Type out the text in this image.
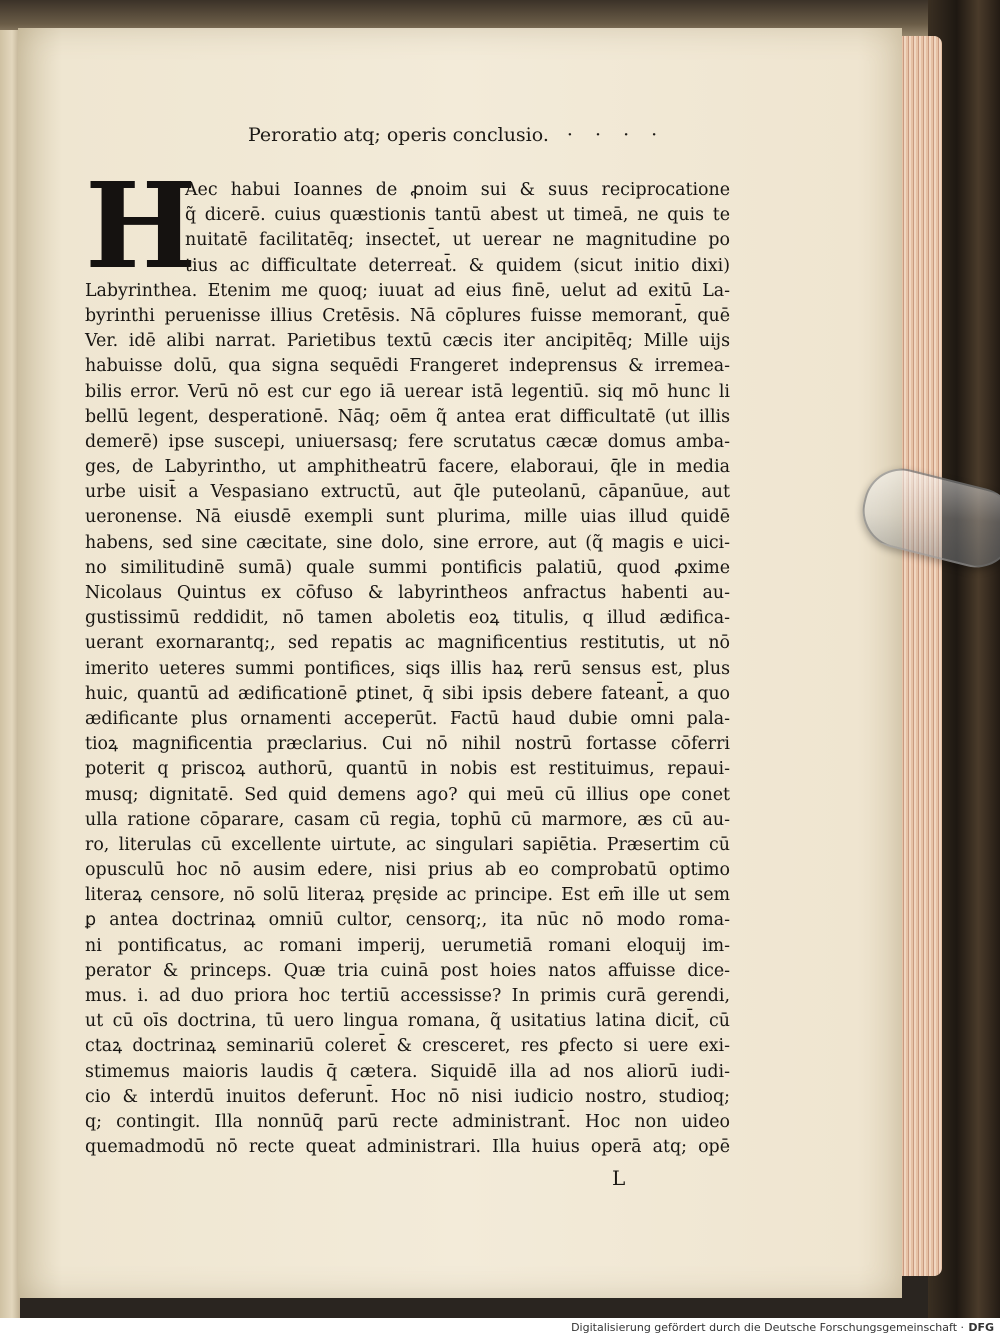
Peroratio atq; operis conclusio. · · · ·
H
Aec habui Ioannes de ꝓnoim sui & suus reciprocatione
q̃ dicerē. cuius quæstionis tantū abest ut timeā, ne quis te
nuitatē facilitatēq; insectet̄, ut uerear ne magnitudine po
tius ac difficultate deterreat̄. & quidem (sicut initio dixi)
Labyrinthea. Etenim me quoq; iuuat ad eius finē, uelut ad exitū La-
byrinthi peruenisse illius Cretēsis. Nā cōplures fuisse memorant̄, quē
Ver. idē alibi narrat. Parietibus textū cæcis iter ancipitēq; Mille uijs
habuisse dolū, qua signa sequēdi Frangeret indeprensus & irremea-
bilis error. Verū nō est cur ego iā uerear istā legentiū. siq mō hunc li
bellū legent, desperationē. Nāq; oēm q̃ antea erat difficultatē (ut illis
demerē) ipse suscepi, uniuersasq; fere scrutatus cæcæ domus amba-
ges, de Labyrintho, ut amphitheatrū facere, elaboraui, q̄le in media
urbe uisit̄ a Vespasiano extructū, aut q̄le puteolanū, cāpanūue, aut
ueronense. Nā eiusdē exempli sunt plurima, mille uias illud quidē
habens, sed sine cæcitate, sine dolo, sine errore, aut (q̃ magis e uici-
no similitudinē sumā) quale summi pontificis palatiū, quod ꝓxime
Nicolaus Quintus ex cōfuso & labyrintheos anfractus habenti au-
gustissimū reddidit, nō tamen aboletis eoꝝ titulis, q illud ædifica-
uerant exornarantq;, sed repatis ac magnificentius restitutis, ut nō
imerito ueteres summi pontifices, siqs illis haꝝ rerū sensus est, plus
huic, quantū ad ædificationē ꝑtinet, q̄ sibi ipsis debere fateant̄, a quo
ædificante plus ornamenti acceperūt. Factū haud dubie omni pala-
tioꝝ magnificentia præclarius. Cui nō nihil nostrū fortasse cōferri
poterit q priscoꝝ authorū, quantū in nobis est restituimus, repaui-
musq; dignitatē. Sed quid demens ago? qui meū cū illius ope conet
ulla ratione cōparare, casam cū regia, tophū cū marmore, æs cū au-
ro, literulas cū excellente uirtute, ac singulari sapiētia. Præsertim cū
opusculū hoc nō ausim edere, nisi prius ab eo comprobatū optimo
literaꝝ censore, nō solū literaꝝ pręside ac principe. Est em̄ ille ut sem
ꝑ antea doctrinaꝝ omniū cultor, censorq;, ita nūc nō modo roma-
ni pontificatus, ac romani imperij, uerumetiā romani eloquij im-
perator & princeps. Quæ tria cuinā post hoies natos affuisse dice-
mus. i. ad duo priora hoc tertiū accessisse? In primis curā gerendi,
ut cū oīs doctrina, tū uero lingua romana, q̃ usitatius latina dicit̄, cū
ctaꝝ doctrinaꝝ seminariū coleret̄ & cresceret, res ꝑfecto si uere exi-
stimemus maioris laudis q̄ cætera. Siquidē illa ad nos aliorū iudi-
cio & interdū inuitos deferunt̄. Hoc nō nisi iudicio nostro, studioq;
q; contingit. Illa nonnūq̄ parū recte administrant̄. Hoc non uideo
quemadmodū nō recte queat administrari. Illa huius operā atq; opē
L
Digitalisierung gefördert durch die Deutsche Forschungsgemeinschaft · DFG
